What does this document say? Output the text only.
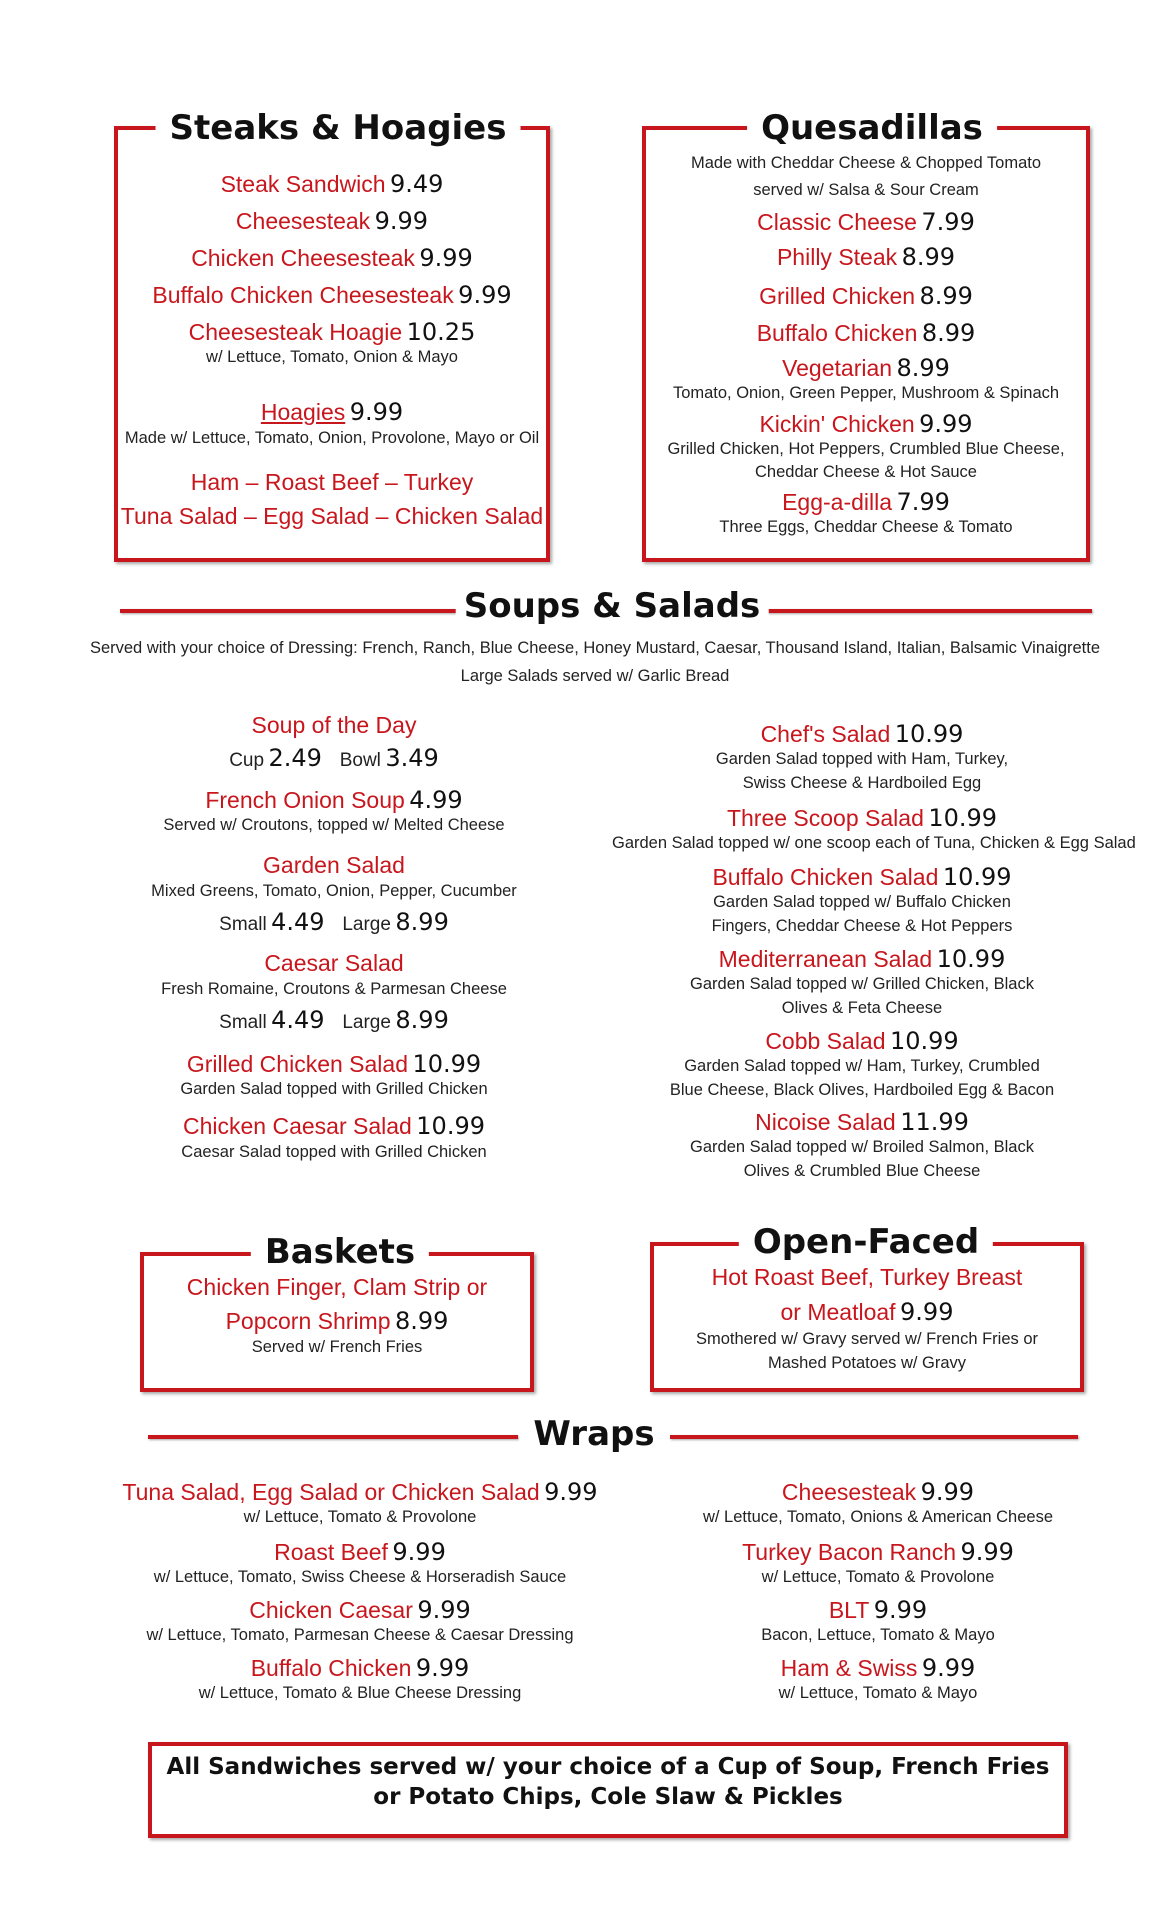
Steaks & Hoagies
Steak Sandwich 9.49
Cheesesteak 9.99
Chicken Cheesesteak 9.99
Buffalo Chicken Cheesesteak 9.99
Cheesesteak Hoagie 10.25
w/ Lettuce, Tomato, Onion & Mayo
Hoagies 9.99
Made w/ Lettuce, Tomato, Onion, Provolone, Mayo or Oil
Ham – Roast Beef – Turkey
Tuna Salad – Egg Salad – Chicken Salad
Quesadillas
Made with Cheddar Cheese & Chopped Tomato
served w/ Salsa & Sour Cream
Classic Cheese 7.99
Philly Steak 8.99
Grilled Chicken 8.99
Buffalo Chicken 8.99
Vegetarian 8.99
Tomato, Onion, Green Pepper, Mushroom & Spinach
Kickin' Chicken 9.99
Grilled Chicken, Hot Peppers, Crumbled Blue Cheese,
Cheddar Cheese & Hot Sauce
Egg-a-dilla 7.99
Three Eggs, Cheddar Cheese & Tomato
Soups & Salads
Served with your choice of Dressing: French, Ranch, Blue Cheese, Honey Mustard, Caesar, Thousand Island, Italian, Balsamic Vinaigrette
Large Salads served w/ Garlic Bread
Soup of the Day
Cup 2.49 Bowl 3.49
French Onion Soup 4.99
Served w/ Croutons, topped w/ Melted Cheese
Garden Salad
Mixed Greens, Tomato, Onion, Pepper, Cucumber
Small 4.49 Large 8.99
Caesar Salad
Fresh Romaine, Croutons & Parmesan Cheese
Small 4.49 Large 8.99
Grilled Chicken Salad 10.99
Garden Salad topped with Grilled Chicken
Chicken Caesar Salad 10.99
Caesar Salad topped with Grilled Chicken
Chef's Salad 10.99
Garden Salad topped with Ham, Turkey,
Swiss Cheese & Hardboiled Egg
Three Scoop Salad 10.99
Garden Salad topped w/ one scoop each of Tuna, Chicken & Egg Salad
Buffalo Chicken Salad 10.99
Garden Salad topped w/ Buffalo Chicken
Fingers, Cheddar Cheese & Hot Peppers
Mediterranean Salad 10.99
Garden Salad topped w/ Grilled Chicken, Black
Olives & Feta Cheese
Cobb Salad 10.99
Garden Salad topped w/ Ham, Turkey, Crumbled
Blue Cheese, Black Olives, Hardboiled Egg & Bacon
Nicoise Salad 11.99
Garden Salad topped w/ Broiled Salmon, Black
Olives & Crumbled Blue Cheese
Baskets
Chicken Finger, Clam Strip or
Popcorn Shrimp 8.99
Served w/ French Fries
Open-Faced
Hot Roast Beef, Turkey Breast
or Meatloaf 9.99
Smothered w/ Gravy served w/ French Fries or
Mashed Potatoes w/ Gravy
Wraps
Tuna Salad, Egg Salad or Chicken Salad 9.99
w/ Lettuce, Tomato & Provolone
Roast Beef 9.99
w/ Lettuce, Tomato, Swiss Cheese & Horseradish Sauce
Chicken Caesar 9.99
w/ Lettuce, Tomato, Parmesan Cheese & Caesar Dressing
Buffalo Chicken 9.99
w/ Lettuce, Tomato & Blue Cheese Dressing
Cheesesteak 9.99
w/ Lettuce, Tomato, Onions & American Cheese
Turkey Bacon Ranch 9.99
w/ Lettuce, Tomato & Provolone
BLT 9.99
Bacon, Lettuce, Tomato & Mayo
Ham & Swiss 9.99
w/ Lettuce, Tomato & Mayo
All Sandwiches served w/ your choice of a Cup of Soup, French Fries
or Potato Chips, Cole Slaw & Pickles
